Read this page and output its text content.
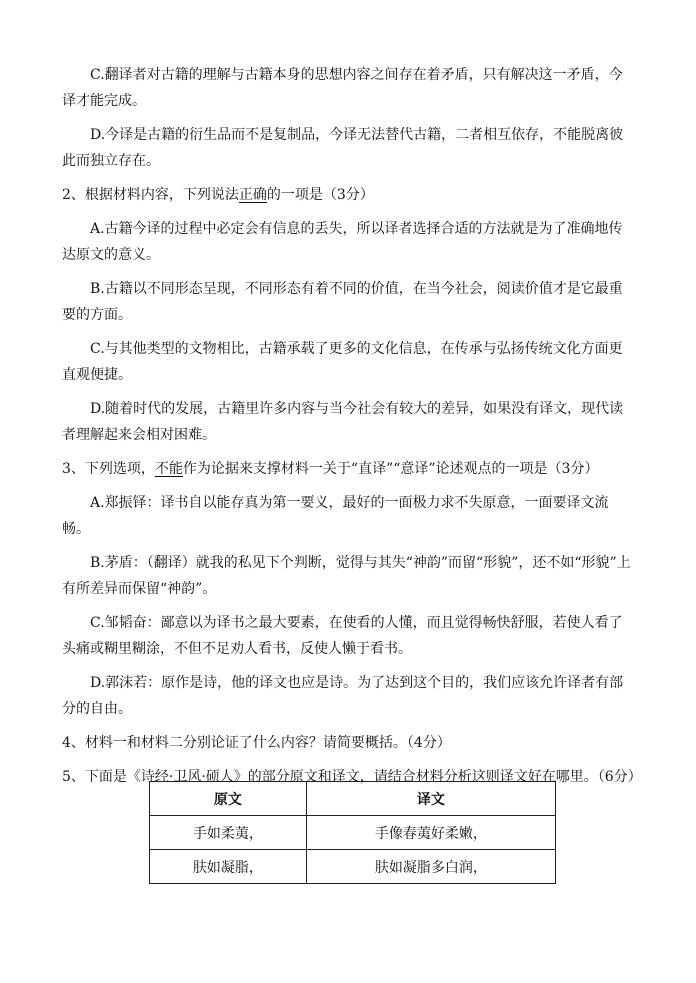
C.翻译者对古籍的理解与古籍本身的思想内容之间存在着矛盾，只有解决这一矛盾，今译才能完成。

D.今译是古籍的衍生品而不是复制品，今译无法替代古籍，二者相互依存，不能脱离彼此而独立存在。

2、根据材料内容，下列说法正确的一项是（3分）

A.古籍今译的过程中必定会有信息的丢失，所以译者选择合适的方法就是为了准确地传达原文的意义。

B.古籍以不同形态呈现，不同形态有着不同的价值，在当今社会，阅读价值才是它最重要的方面。

C.与其他类型的文物相比，古籍承载了更多的文化信息，在传承与弘扬传统文化方面更直观便捷。

D.随着时代的发展，古籍里许多内容与当今社会有较大的差异，如果没有译文，现代读者理解起来会相对困难。

3、下列选项，不能作为论据来支撑材料一关于“直译”“意译”论述观点的一项是（3分）

A.郑振铎：译书自以能存真为第一要义，最好的一面极力求不失原意，一面要译文流畅。

B.茅盾：（翻译）就我的私见下个判断，觉得与其失“神韵”而留“形貌”，还不如“形貌”上有所差异而保留“神韵”。

C.邹韬奋：鄙意以为译书之最大要素，在使看的人懂，而且觉得畅快舒服，若使人看了头痛或糊里糊涂，不但不足劝人看书，反使人懒于看书。

D.郭沫若：原作是诗，他的译文也应是诗。为了达到这个目的，我们应该允许译者有部分的自由。

4、材料一和材料二分别论证了什么内容？请简要概括。（4分）

5、下面是《诗经·卫风·硕人》的部分原文和译文，请结合材料分析这则译文好在哪里。（6分）

原文	译文
手如柔荑，	手像春荑好柔嫩，
肤如凝脂，	肤如凝脂多白润，
